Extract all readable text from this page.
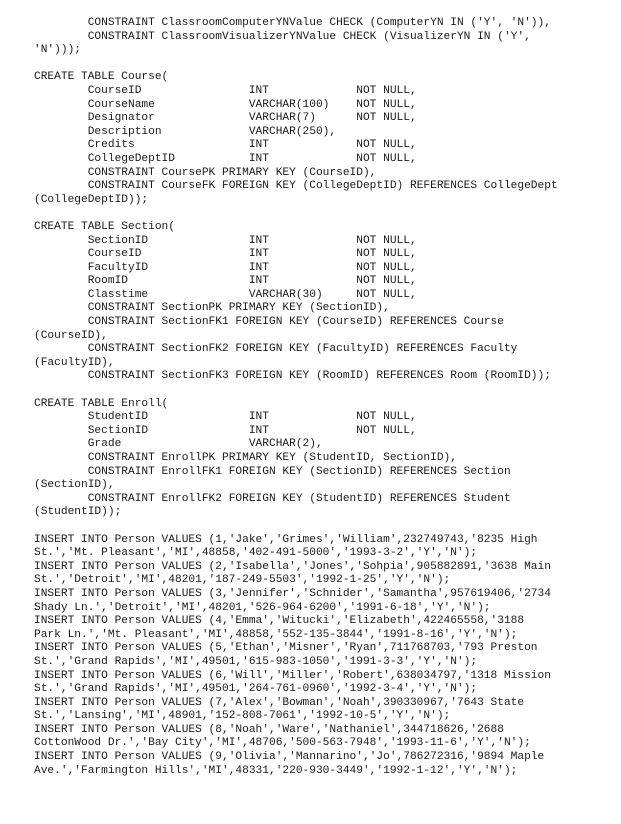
CONSTRAINT ClassroomComputerYNValue CHECK (ComputerYN IN ('Y', 'N')),
CONSTRAINT ClassroomVisualizerYNValue CHECK (VisualizerYN IN ('Y',
'N')));
CREATE TABLE Course(
CourseID                INT             NOT NULL,
CourseName              VARCHAR(100)    NOT NULL,
Designator              VARCHAR(7)      NOT NULL,
Description             VARCHAR(250),
Credits                 INT             NOT NULL,
CollegeDeptID           INT             NOT NULL,
CONSTRAINT CoursePK PRIMARY KEY (CourseID),
CONSTRAINT CourseFK FOREIGN KEY (CollegeDeptID) REFERENCES CollegeDept
(CollegeDeptID));
CREATE TABLE Section(
SectionID               INT             NOT NULL,
CourseID                INT             NOT NULL,
FacultyID               INT             NOT NULL,
RoomID                  INT             NOT NULL,
Classtime               VARCHAR(30)     NOT NULL,
CONSTRAINT SectionPK PRIMARY KEY (SectionID),
CONSTRAINT SectionFK1 FOREIGN KEY (CourseID) REFERENCES Course
(CourseID),
CONSTRAINT SectionFK2 FOREIGN KEY (FacultyID) REFERENCES Faculty
(FacultyID),
CONSTRAINT SectionFK3 FOREIGN KEY (RoomID) REFERENCES Room (RoomID));
CREATE TABLE Enroll(
StudentID               INT             NOT NULL,
SectionID               INT             NOT NULL,
Grade                   VARCHAR(2),
CONSTRAINT EnrollPK PRIMARY KEY (StudentID, SectionID),
CONSTRAINT EnrollFK1 FOREIGN KEY (SectionID) REFERENCES Section
(SectionID),
CONSTRAINT EnrollFK2 FOREIGN KEY (StudentID) REFERENCES Student
(StudentID));
INSERT INTO Person VALUES (1,'Jake','Grimes','William',232749743,'8235 High
St.','Mt. Pleasant','MI',48858,'402-491-5000','1993-3-2','Y','N');
INSERT INTO Person VALUES (2,'Isabella','Jones','Sohpia',905882891,'3638 Main
St.','Detroit','MI',48201,'187-249-5503','1992-1-25','Y','N');
INSERT INTO Person VALUES (3,'Jennifer','Schnider','Samantha',957619406,'2734
Shady Ln.','Detroit','MI',48201,'526-964-6200','1991-6-18','Y','N');
INSERT INTO Person VALUES (4,'Emma','Witucki','Elizabeth',422465558,'3188
Park Ln.','Mt. Pleasant','MI',48858,'552-135-3844','1991-8-16','Y','N');
INSERT INTO Person VALUES (5,'Ethan','Misner','Ryan',711768703,'793 Preston
St.','Grand Rapids','MI',49501,'615-983-1050','1991-3-3','Y','N');
INSERT INTO Person VALUES (6,'Will','Miller','Robert',638034797,'1318 Mission
St.','Grand Rapids','MI',49501,'264-761-0960','1992-3-4','Y','N');
INSERT INTO Person VALUES (7,'Alex','Bowman','Noah',390330967,'7643 State
St.','Lansing','MI',48901,'152-808-7061','1992-10-5','Y','N');
INSERT INTO Person VALUES (8,'Noah','Ware','Nathaniel',344718626,'2688
CottonWood Dr.','Bay City','MI',48706,'500-563-7948','1993-11-6','Y','N');
INSERT INTO Person VALUES (9,'Olivia','Mannarino','Jo',786272316,'9894 Maple
Ave.','Farmington Hills','MI',48331,'220-930-3449','1992-1-12','Y','N');
